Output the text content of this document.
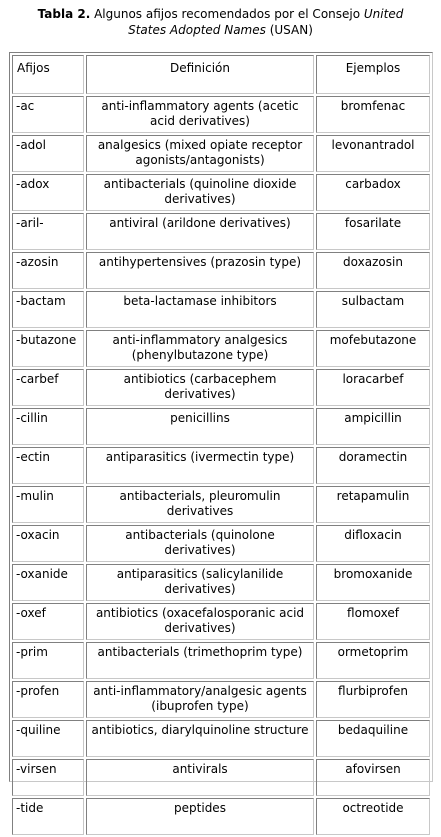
Tabla 2. Algunos afijos recomendados por el Consejo United
States Adopted Names (USAN)
Afijos	Definición	Ejemplos
-ac	anti-inflammatory agents (acetic acid derivatives)	bromfenac
-adol	analgesics (mixed opiate receptor agonists/antagonists)	levonantradol
-adox	antibacterials (quinoline dioxide derivatives)	carbadox
-aril-	antiviral (arildone derivatives)	fosarilate
-azosin	antihypertensives (prazosin type)	doxazosin
-bactam	beta-lactamase inhibitors	sulbactam
-butazone	anti-inflammatory analgesics (phenylbutazone type)	mofebutazone
-carbef	antibiotics (carbacephem derivatives)	loracarbef
-cillin	penicillins	ampicillin
-ectin	antiparasitics (ivermectin type)	doramectin
-mulin	antibacterials, pleuromulin derivatives	retapamulin
-oxacin	antibacterials (quinolone derivatives)	difloxacin
-oxanide	antiparasitics (salicylanilide derivatives)	bromoxanide
-oxef	antibiotics (oxacefalosporanic acid derivatives)	flomoxef
-prim	antibacterials (trimethoprim type)	ormetoprim
-profen	anti-inflammatory/analgesic agents (ibuprofen type)	flurbiprofen
-quiline	antibiotics, diarylquinoline structure	bedaquiline
-virsen	antivirals	afovirsen
-tide	peptides	octreotide
